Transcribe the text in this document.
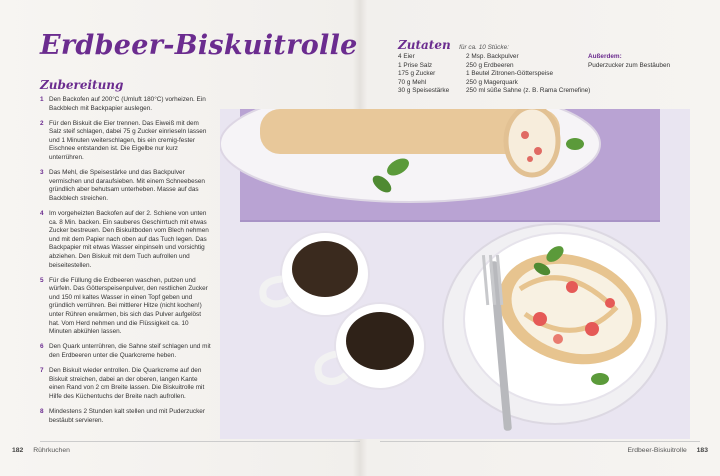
Erdbeer-Biskuitrolle
Zubereitung
1 Den Backofen auf 200°C (Umluft 180°C) vorheizen. Ein Backblech mit Backpapier auslegen.
2 Für den Biskuit die Eier trennen. Das Eiweiß mit dem Salz steif schlagen, dabei 75 g Zucker einrieseln lassen und 1 Minuten weiterschlagen, bis ein cremig-fester Eischnee entstanden ist. Die Eigelbe nur kurz unterrühren.
3 Das Mehl, die Speisestärke und das Backpulver vermischen und daraufsieben. Mit einem Schneebesen gründlich aber behutsam unterheben. Masse auf das Backblech streichen.
4 Im vorgeheizten Backofen auf der 2. Schiene von unten ca. 8 Min. backen. Ein sauberes Geschirrtuch mit etwas Zucker bestreuen. Den Biskuitboden vom Blech nehmen und mit dem Papier nach oben auf das Tuch legen. Das Backpapier mit etwas Wasser einpinseln und vorsichtig abziehen. Den Biskuit mit dem Tuch aufrollen und beiseitestellen.
5 Für die Füllung die Erdbeeren waschen, putzen und würfeln. Das Götterspeisenpulver, den restlichen Zucker und 150 ml kaltes Wasser in einen Topf geben und gründlich verrühren. Bei mittlerer Hitze (nicht kochen!) unter Rühren erwärmen, bis sich das Pulver aufgelöst hat. Vom Herd nehmen und die Flüssigkeit ca. 10 Minuten abkühlen lassen.
6 Den Quark unterrühren, die Sahne steif schlagen und mit den Erdbeeren unter die Quarkcreme heben.
7 Den Biskuit wieder entrollen. Die Quarkcreme auf den Biskuit streichen, dabei an der oberen, langen Kante einen Rand von 2 cm Breite lassen. Die Biskuitrolle mit Hilfe des Küchentuchs der Breite nach aufrollen.
8 Mindestens 2 Stunden kalt stellen und mit Puderzucker bestäubt servieren.
Zutaten für ca. 10 Stücke:
4 Eier
1 Prise Salz
175 g Zucker
70 g Mehl
30 g Speisestärke
2 Msp. Backpulver
250 g Erdbeeren
1 Beutel Zitronen-Götterspeise
250 g Magerquark
250 ml süße Sahne (z. B. Rama Cremefine)
Außerdem:
Puderzucker zum Bestäuben
182 Rührkuchen	Erdbeer-Biskuitrolle 183
